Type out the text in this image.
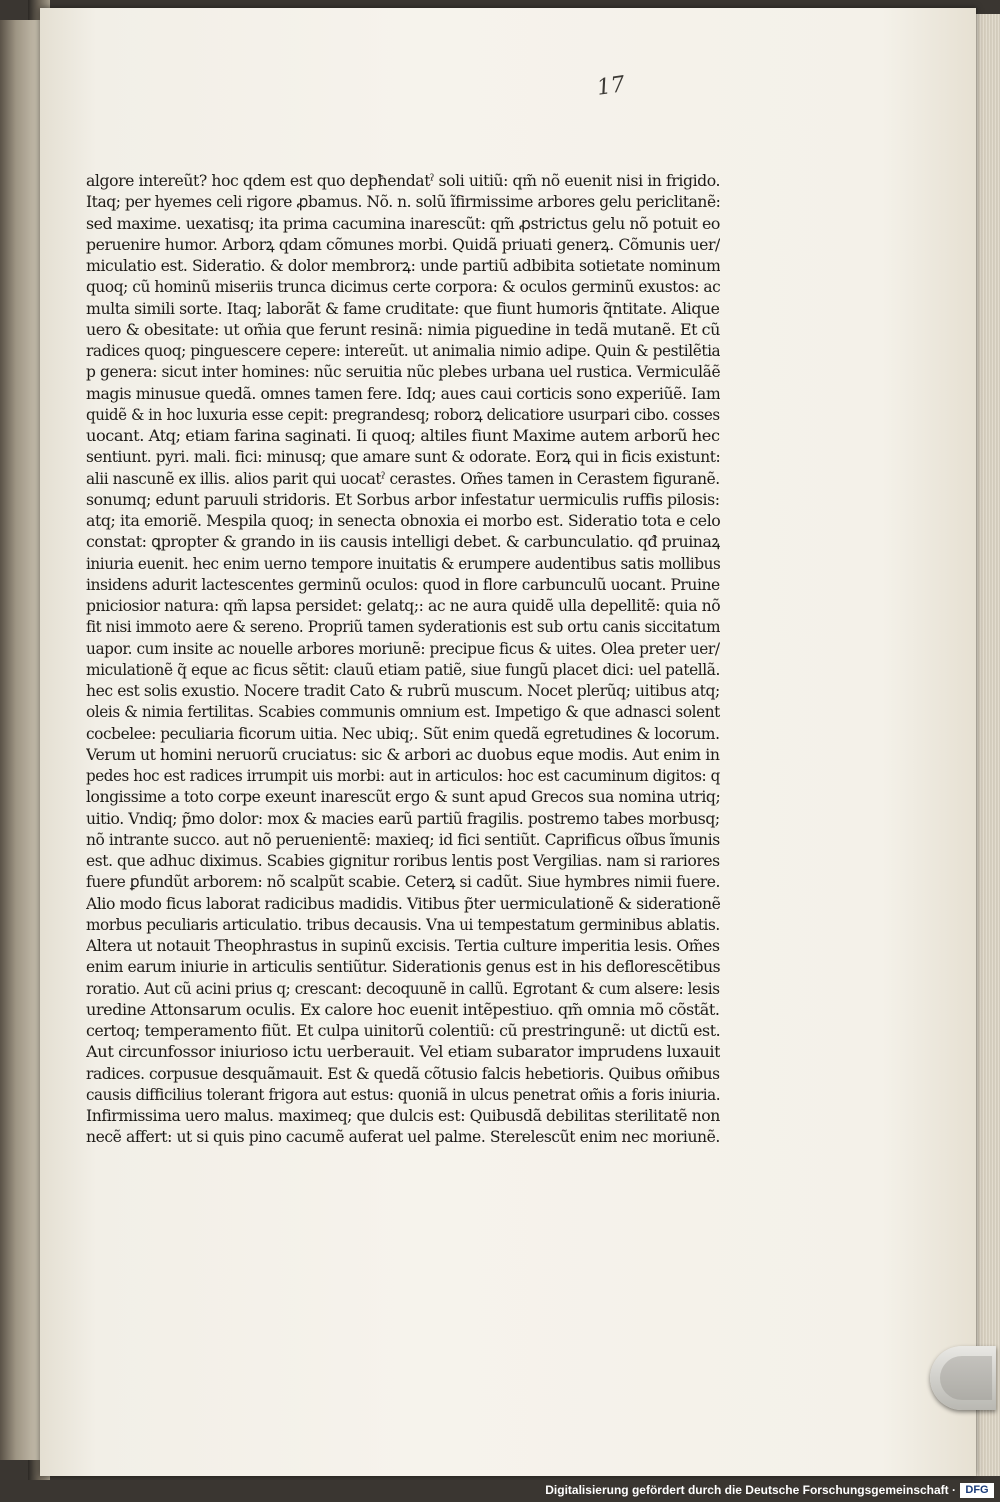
17
algore intereũt? hoc qdem est quo depħendatˀ soli uitiũ: qm̃ nõ euenit nisi in frigido.
Itaq; per hyemes celi rigore ꝓbamus. Nõ. n. solũ ĩfirmissime arbores gelu periclitanẽ:
sed maxime. uexatisq; ita prima cacumina inarescũt: qm̃ ꝓstrictus gelu nõ potuit eo
peruenire humor. Arborꝝ qdam cõmunes morbi. Quidã priuati generꝝ. Cõmunis uer/
miculatio est. Sideratio. & dolor membrorꝝ: unde partiũ adbibita sotietate nominum
quoq; cũ hominũ miseriis trunca dicimus certe corpora: & oculos germinũ exustos: ac
multa simili sorte. Itaq; laborãt & fame cruditate: que fiunt humoris q̃ntitate. Alique
uero & obesitate: ut om̃ia que ferunt resinã: nimia piguedine in tedã mutanẽ. Et cũ
radices quoq; pinguescere cepere: intereũt. ut animalia nimio adipe. Quin & pestilẽtia
p genera: sicut inter homines: nũc seruitia nũc plebes urbana uel rustica. Vermiculãẽ
magis minusue quedã. omnes tamen fere. Idq; aues caui corticis sono experiũẽ. Iam
quidẽ & in hoc luxuria esse cepit: pregrandesq; roborꝝ delicatiore usurpari cibo. cosses
uocant. Atq; etiam farina saginati. Ii quoq; altiles fiunt Maxime autem arborũ hec
sentiunt. pyri. mali. fici: minusq; que amare sunt & odorate. Eorꝝ qui in ficis existunt:
alii nascunẽ ex illis. alios parit qui uocatˀ cerastes. Om̃es tamen in Cerastem figuranẽ.
sonumq; edunt paruuli stridoris. Et Sorbus arbor infestatur uermiculis ruffis pilosis:
atq; ita emoriẽ. Mespila quoq; in senecta obnoxia ei morbo est. Sideratio tota e celo
constat: ꝗpropter & grando in iis causis intelligi debet. & carbunculatio. qđ pruinaꝝ
iniuria euenit. hec enim uerno tempore inuitatis & erumpere audentibus satis mollibus
insidens adurit lactescentes germinũ oculos: quod in flore carbunculũ uocant. Pruine
pniciosior natura: qm̃ lapsa persidet: gelatq;: ac ne aura quidẽ ulla depellitẽ: quia nõ
fit nisi immoto aere & sereno. Propriũ tamen syderationis est sub ortu canis siccitatum
uapor. cum insite ac nouelle arbores moriunẽ: precipue ficus & uites. Olea preter uer/
miculationẽ q̃ eque ac ficus sẽtit: clauũ etiam patiẽ, siue fungũ placet dici: uel patellã.
hec est solis exustio. Nocere tradit Cato & rubrũ muscum. Nocet plerũq; uitibus atq;
oleis & nimia fertilitas. Scabies communis omnium est. Impetigo & que adnasci solent
cocbelee: peculiaria ficorum uitia. Nec ubiq;. Sũt enim quedã egretudines & locorum.
Verum ut homini neruorũ cruciatus: sic & arbori ac duobus eque modis. Aut enim in
pedes hoc est radices irrumpit uis morbi: aut in articulos: hoc est cacuminum digitos: q
longissime a toto corpe exeunt inarescũt ergo & sunt apud Grecos sua nomina utriq;
uitio. Vndiq; p̃mo dolor: mox & macies earũ partiũ fragilis. postremo tabes morbusq;
nõ intrante succo. aut nõ peruenientẽ: maxieq; id fici sentiũt. Caprificus oĩbus ĩmunis
est. que adhuc diximus. Scabies gignitur roribus lentis post Vergilias. nam si rariores
fuere ꝑfundũt arborem: nõ scalpũt scabie. Ceterꝝ si cadũt. Siue hymbres nimii fuere.
Alio modo ficus laborat radicibus madidis. Vitibus p̃ter uermiculationẽ & siderationẽ
morbus peculiaris articulatio. tribus decausis. Vna ui tempestatum germinibus ablatis.
Altera ut notauit Theophrastus in supinũ excisis. Tertia culture imperitia lesis. Om̃es
enim earum iniurie in articulis sentiũtur. Siderationis genus est in his deflorescẽtibus
roratio. Aut cũ acini prius q; crescant: decoquunẽ in callũ. Egrotant & cum alsere: lesis
uredine Attonsarum oculis. Ex calore hoc euenit intẽpestiuo. qm̃ omnia mõ cõstãt.
certoq; temperamento fiũt. Et culpa uinitorũ colentiũ: cũ prestringunẽ: ut dictũ est.
Aut circunfossor iniurioso ictu uerberauit. Vel etiam subarator imprudens luxauit
radices. corpusue desquãmauit. Est & quedã cõtusio falcis hebetioris. Quibus om̃ibus
causis difficilius tolerant frigora aut estus: quoniã in ulcus penetrat om̃is a foris iniuria.
Infirmissima uero malus. maximeq; que dulcis est: Quibusdã debilitas sterilitatẽ non
necẽ affert: ut si quis pino cacumẽ auferat uel palme. Sterelescũt enim nec moriunẽ.
Digitalisierung gefördert durch die Deutsche Forschungsgemeinschaft · DFG
